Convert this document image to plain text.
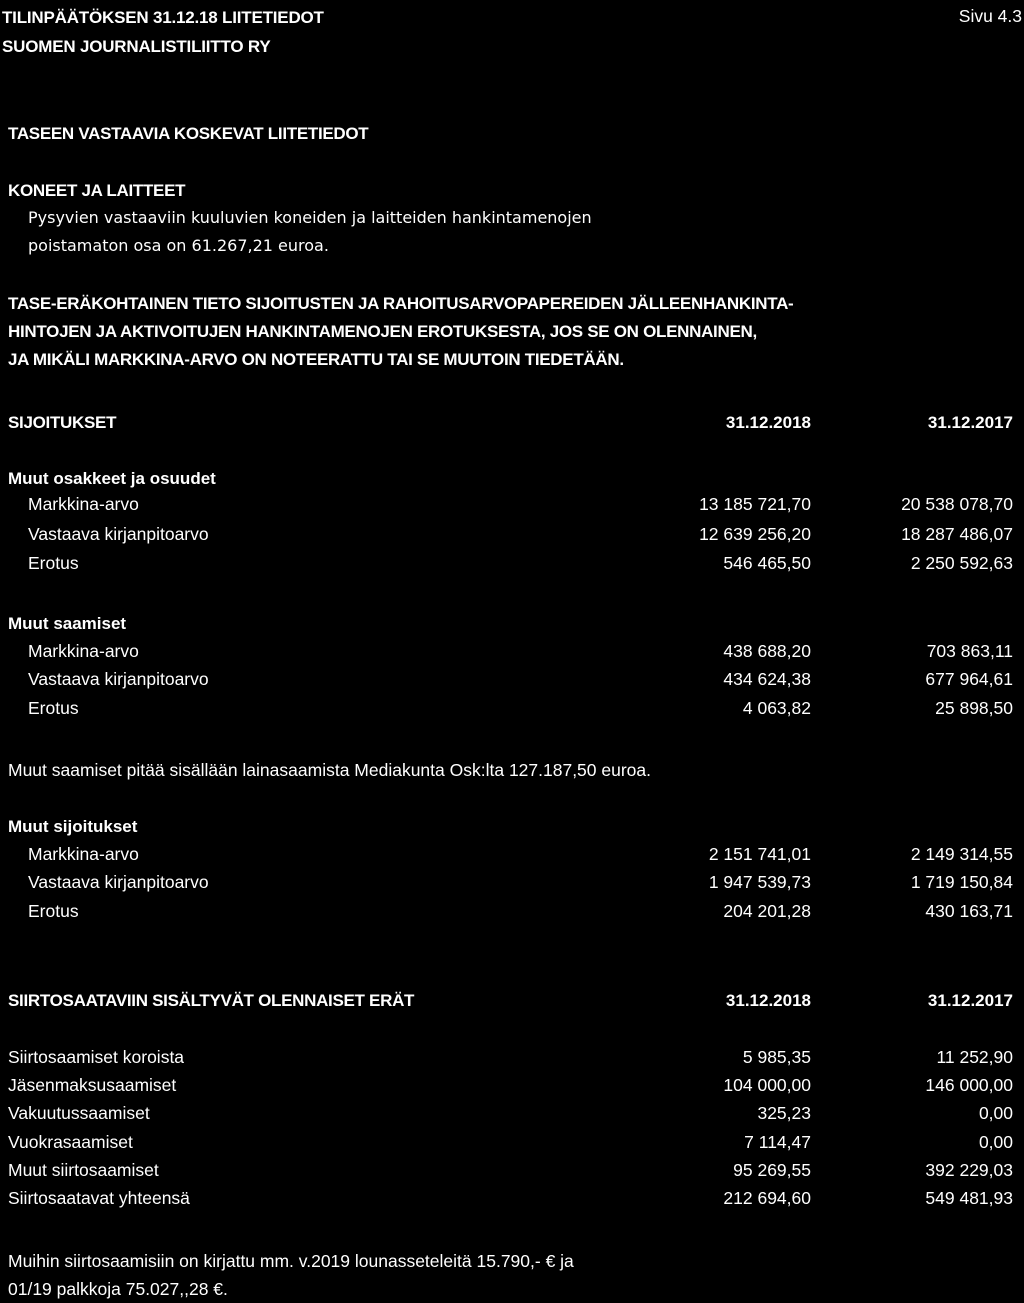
TILINPÄÄTÖKSEN 31.12.18 LIITETIEDOT
SUOMEN JOURNALISTILIITTO RY
Sivu 4.3
TASEEN VASTAAVIA KOSKEVAT LIITETIEDOT
KONEET JA LAITTEET
Pysyvien vastaaviin kuuluvien koneiden ja laitteiden hankintamenojen
poistamaton osa on 61.267,21 euroa.
TASE-ERÄKOHTAINEN TIETO SIJOITUSTEN JA RAHOITUSARVOPAPEREIDEN JÄLLEENHANKINTA-
HINTOJEN JA AKTIVOITUJEN HANKINTAMENOJEN EROTUKSESTA, JOS SE ON OLENNAINEN,
JA MIKÄLI MARKKINA-ARVO ON NOTEERATTU TAI SE MUUTOIN TIEDETÄÄN.
SIJOITUKSET	31.12.2018	31.12.2017
Muut osakkeet ja osuudet
Markkina-arvo	13 185 721,70	20 538 078,70
Vastaava kirjanpitoarvo	12 639 256,20	18 287 486,07
Erotus	546 465,50	2 250 592,63
Muut saamiset
Markkina-arvo	438 688,20	703 863,11
Vastaava kirjanpitoarvo	434 624,38	677 964,61
Erotus	4 063,82	25 898,50
Muut saamiset pitää sisällään lainasaamista Mediakunta Osk:lta 127.187,50 euroa.
Muut sijoitukset
Markkina-arvo	2 151 741,01	2 149 314,55
Vastaava kirjanpitoarvo	1 947 539,73	1 719 150,84
Erotus	204 201,28	430 163,71
SIIRTOSAATAVIIN SISÄLTYVÄT OLENNAISET ERÄT	31.12.2018	31.12.2017
Siirtosaamiset koroista	5 985,35	11 252,90
Jäsenmaksusaamiset	104 000,00	146 000,00
Vakuutussaamiset	325,23	0,00
Vuokrasaamiset	7 114,47	0,00
Muut siirtosaamiset	95 269,55	392 229,03
Siirtosaatavat yhteensä	212 694,60	549 481,93
Muihin siirtosaamisiin on kirjattu mm. v.2019 lounasseteleitä 15.790,- € ja
01/19 palkkoja 75.027,,28 €.
